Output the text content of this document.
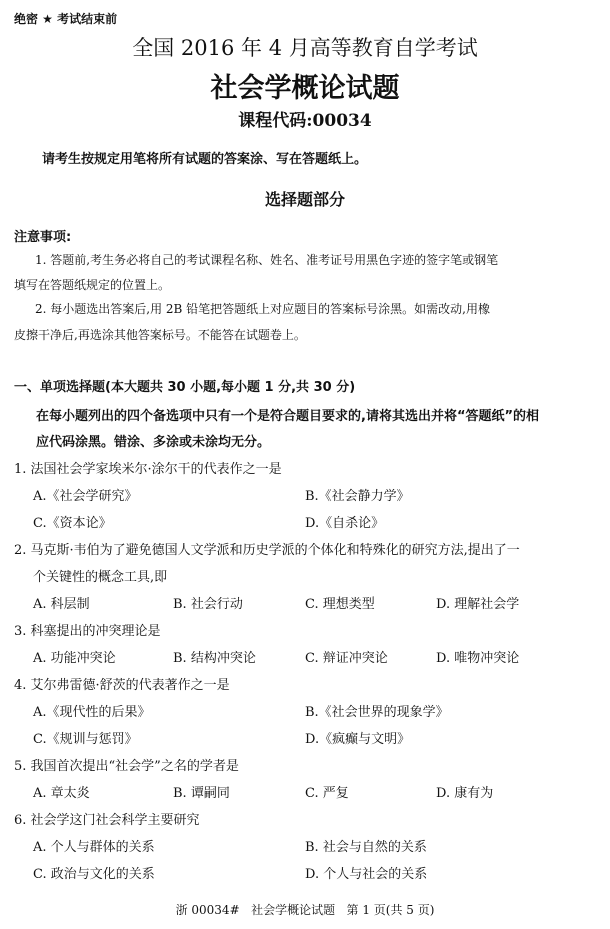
绝密 ★ 考试结束前
全国 2016 年 4 月高等教育自学考试
社会学概论试题
课程代码:00034
请考生按规定用笔将所有试题的答案涂、写在答题纸上。
选择题部分
注意事项:
1. 答题前,考生务必将自己的考试课程名称、姓名、准考证号用黑色字迹的签字笔或钢笔
填写在答题纸规定的位置上。
2. 每小题选出答案后,用 2B 铅笔把答题纸上对应题目的答案标号涂黑。如需改动,用橡
皮擦干净后,再选涂其他答案标号。不能答在试题卷上。
一、单项选择题(本大题共 30 小题,每小题 1 分,共 30 分)
在每小题列出的四个备选项中只有一个是符合题目要求的,请将其选出并将“答题纸”的相
应代码涂黑。错涂、多涂或未涂均无分。
1. 法国社会学家埃米尔·涂尔干的代表作之一是
A.《社会学研究》	B.《社会静力学》
C.《资本论》	D.《自杀论》
2. 马克斯·韦伯为了避免德国人文学派和历史学派的个体化和特殊化的研究方法,提出了一
个关键性的概念工具,即
A. 科层制	B. 社会行动	C. 理想类型	D. 理解社会学
3. 科塞提出的冲突理论是
A. 功能冲突论	B. 结构冲突论	C. 辩证冲突论	D. 唯物冲突论
4. 艾尔弗雷德·舒茨的代表著作之一是
A.《现代性的后果》	B.《社会世界的现象学》
C.《规训与惩罚》	D.《疯癫与文明》
5. 我国首次提出“社会学”之名的学者是
A. 章太炎	B. 谭嗣同	C. 严复	D. 康有为
6. 社会学这门社会科学主要研究
A. 个人与群体的关系	B. 社会与自然的关系
C. 政治与文化的关系	D. 个人与社会的关系
浙 00034#   社会学概论试题   第 1 页(共 5 页)
